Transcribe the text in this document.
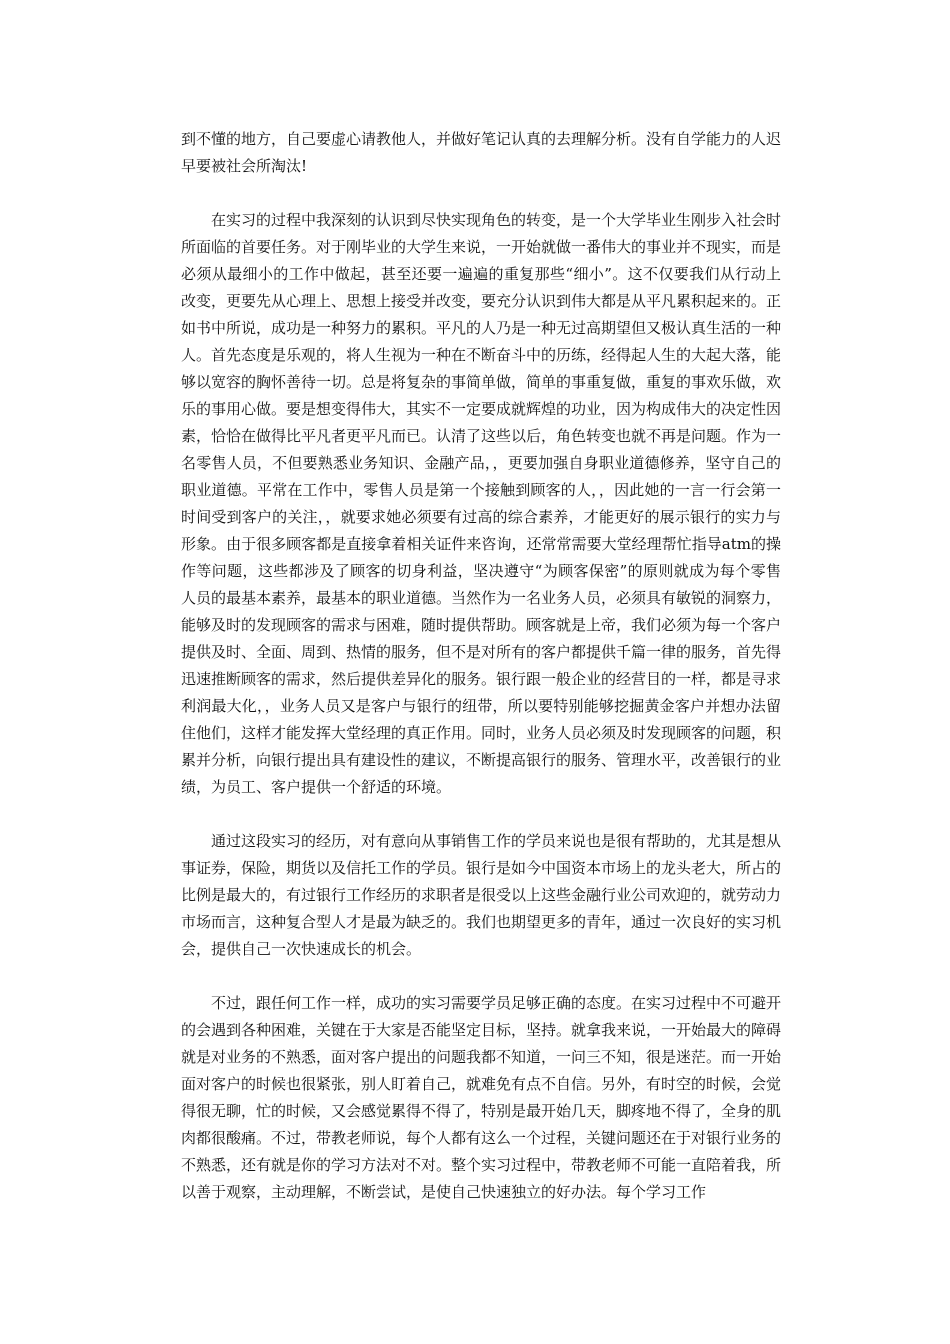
到不懂的地方，自己要虚心请教他人，并做好笔记认真的去理解分析。没有自学能力的人迟早要被社会所淘汰!

在实习的过程中我深刻的认识到尽快实现角色的转变，是一个大学毕业生刚步入社会时所面临的首要任务。对于刚毕业的大学生来说，一开始就做一番伟大的事业并不现实，而是必须从最细小的工作中做起，甚至还要一遍遍的重复那些“细小”。这不仅要我们从行动上改变，更要先从心理上、思想上接受并改变，要充分认识到伟大都是从平凡累积起来的。正如书中所说，成功是一种努力的累积。平凡的人乃是一种无过高期望但又极认真生活的一种人。首先态度是乐观的，将人生视为一种在不断奋斗中的历练，经得起人生的大起大落，能够以宽容的胸怀善待一切。总是将复杂的事简单做，简单的事重复做，重复的事欢乐做，欢乐的事用心做。要是想变得伟大，其实不一定要成就辉煌的功业，因为构成伟大的决定性因素，恰恰在做得比平凡者更平凡而已。认清了这些以后，角色转变也就不再是问题。作为一名零售人员，不但要熟悉业务知识、金融产品，，更要加强自身职业道德修养，坚守自己的职业道德。平常在工作中，零售人员是第一个接触到顾客的人，，因此她的一言一行会第一时间受到客户的关注，，就要求她必须要有过高的综合素养，才能更好的展示银行的实力与形象。由于很多顾客都是直接拿着相关证件来咨询，还常常需要大堂经理帮忙指导atm的操作等问题，这些都涉及了顾客的切身利益，坚决遵守“为顾客保密”的原则就成为每个零售人员的最基本素养，最基本的职业道德。当然作为一名业务人员，必须具有敏锐的洞察力，能够及时的发现顾客的需求与困难，随时提供帮助。顾客就是上帝，我们必须为每一个客户提供及时、全面、周到、热情的服务，但不是对所有的客户都提供千篇一律的服务，首先得迅速推断顾客的需求，然后提供差异化的服务。银行跟一般企业的经营目的一样，都是寻求利润最大化，，业务人员又是客户与银行的纽带，所以要特别能够挖掘黄金客户并想办法留住他们，这样才能发挥大堂经理的真正作用。同时，业务人员必须及时发现顾客的问题，积累并分析，向银行提出具有建设性的建议，不断提高银行的服务、管理水平，改善银行的业绩，为员工、客户提供一个舒适的环境。

通过这段实习的经历，对有意向从事销售工作的学员来说也是很有帮助的，尤其是想从事证券，保险，期货以及信托工作的学员。银行是如今中国资本市场上的龙头老大，所占的比例是最大的，有过银行工作经历的求职者是很受以上这些金融行业公司欢迎的，就劳动力市场而言，这种复合型人才是最为缺乏的。我们也期望更多的青年，通过一次良好的实习机会，提供自己一次快速成长的机会。

不过，跟任何工作一样，成功的实习需要学员足够正确的态度。在实习过程中不可避开的会遇到各种困难，关键在于大家是否能坚定目标，坚持。就拿我来说，一开始最大的障碍就是对业务的不熟悉，面对客户提出的问题我都不知道，一问三不知，很是迷茫。而一开始面对客户的时候也很紧张，别人盯着自己，就难免有点不自信。另外，有时空的时候，会觉得很无聊，忙的时候，又会感觉累得不得了，特别是最开始几天，脚疼地不得了，全身的肌肉都很酸痛。不过，带教老师说，每个人都有这么一个过程，关键问题还在于对银行业务的不熟悉，还有就是你的学习方法对不对。整个实习过程中，带教老师不可能一直陪着我，所以善于观察，主动理解，不断尝试，是使自己快速独立的好办法。每个学习工作
